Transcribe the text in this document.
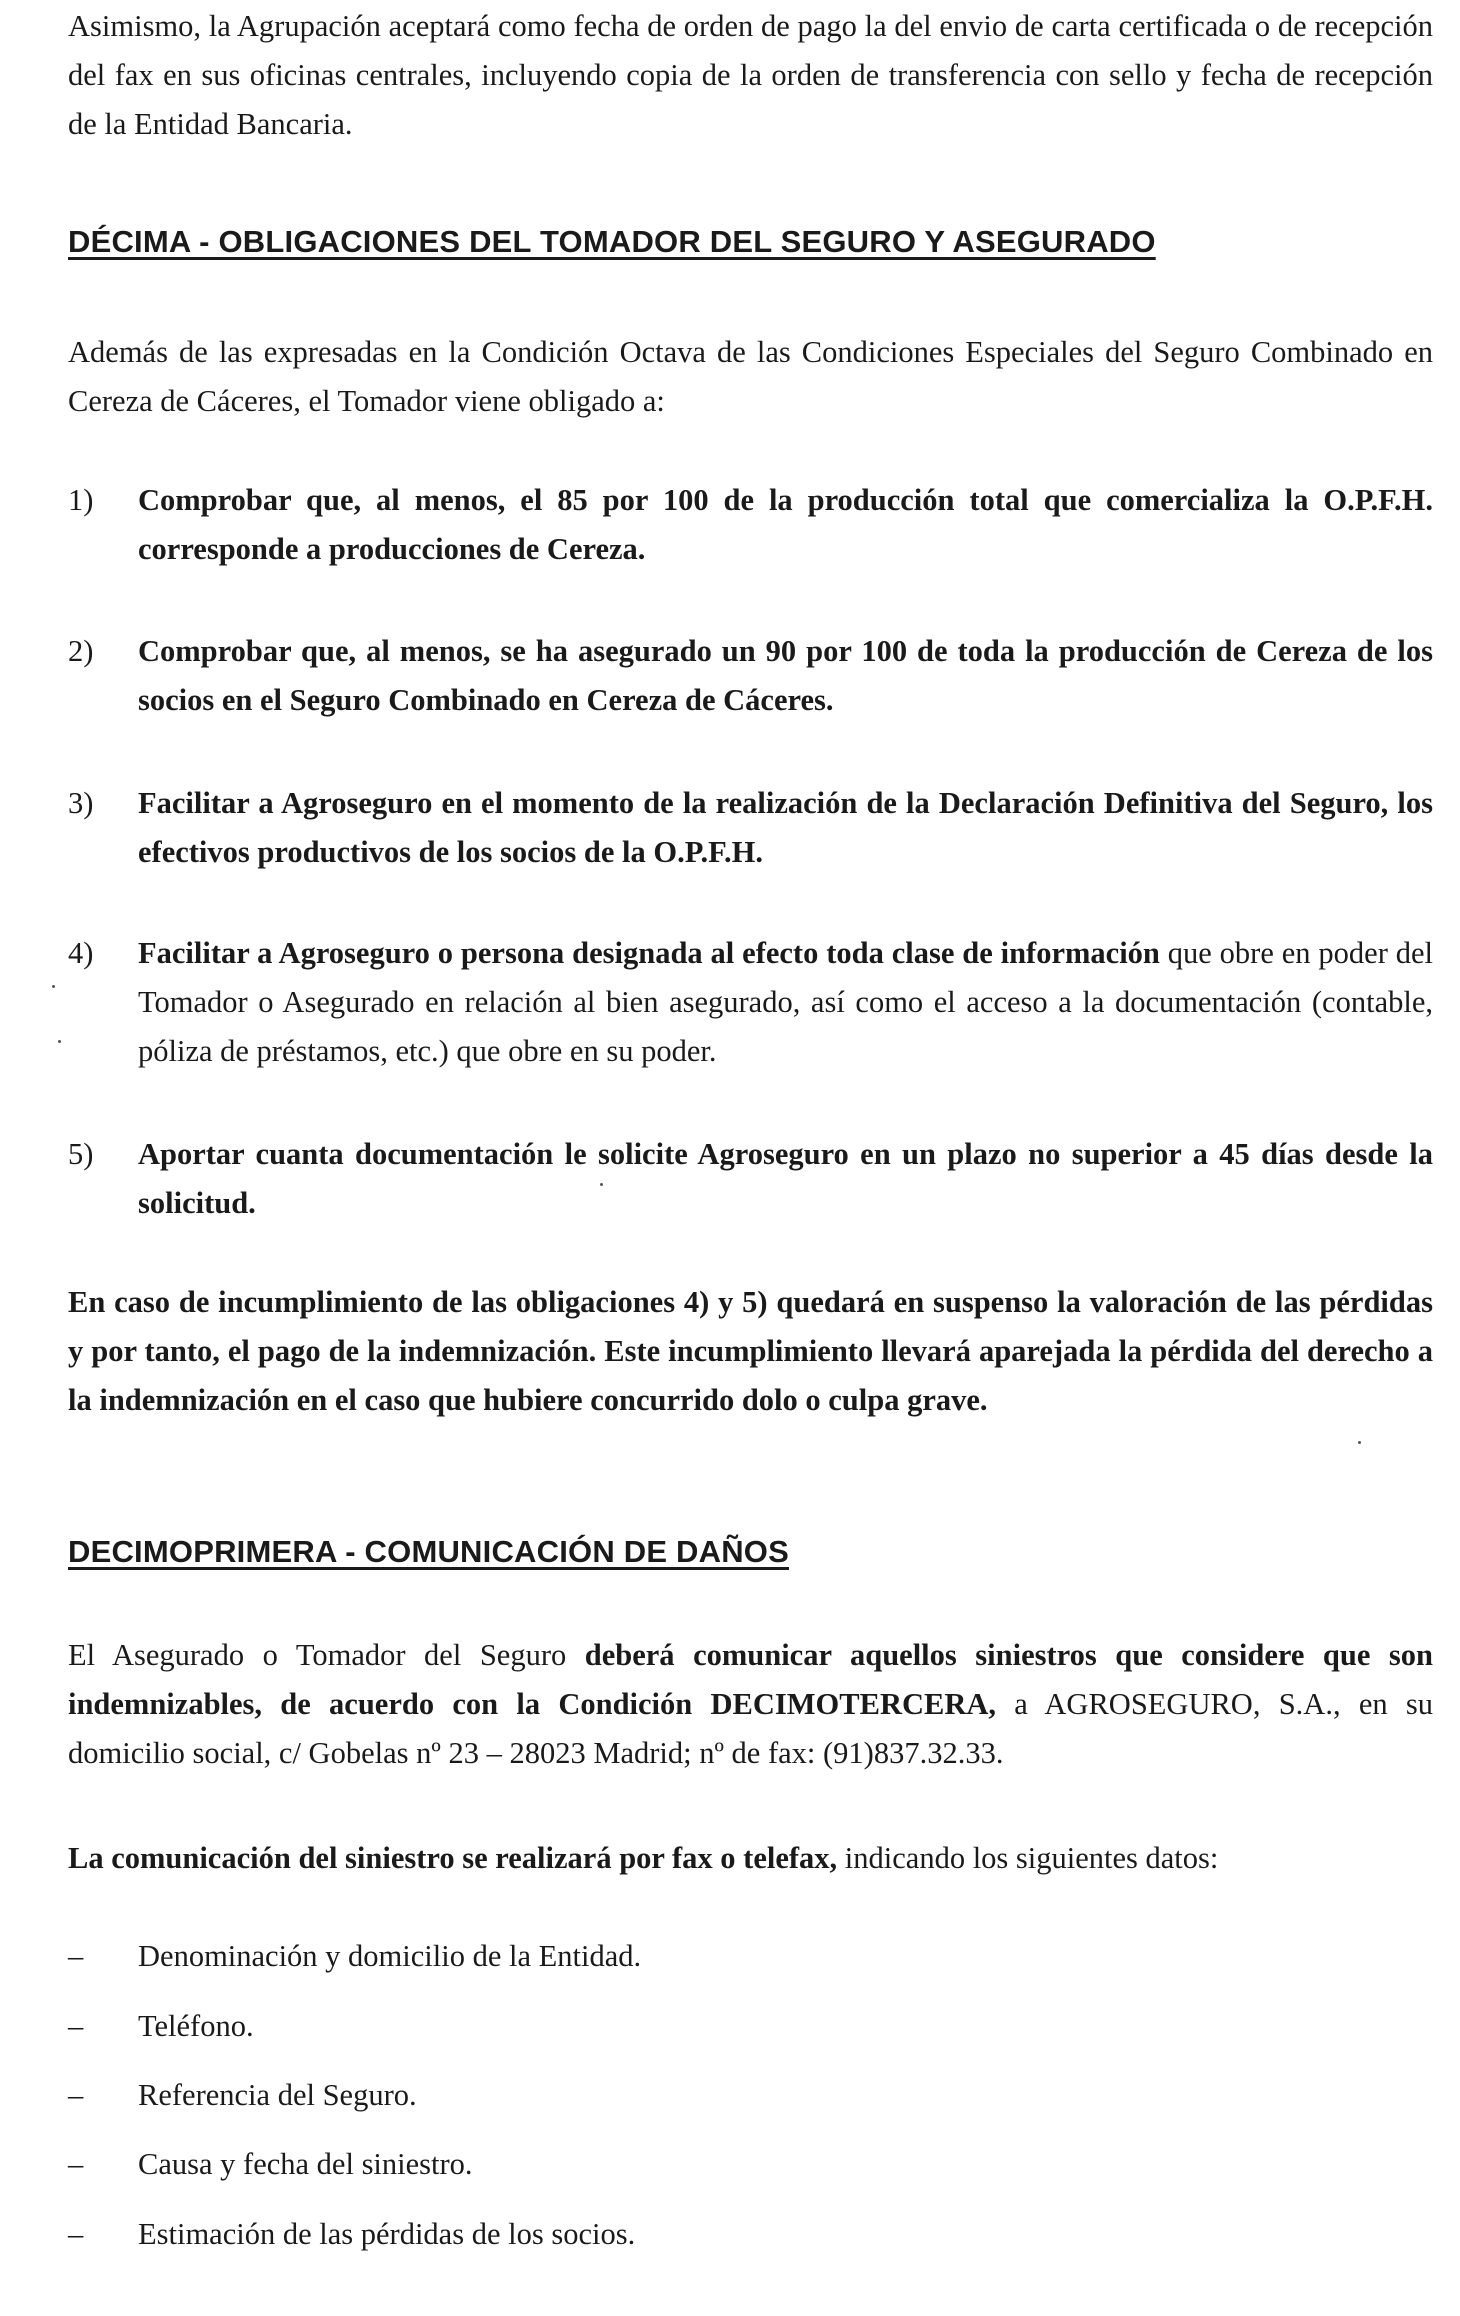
Asimismo, la Agrupación aceptará como fecha de orden de pago la del envio de carta certificada o de recepción del fax en sus oficinas centrales, incluyendo copia de la orden de transferencia con sello y fecha de recepción de la Entidad Bancaria.

DÉCIMA - OBLIGACIONES DEL TOMADOR DEL SEGURO Y ASEGURADO

Además de las expresadas en la Condición Octava de las Condiciones Especiales del Seguro Combinado en Cereza de Cáceres, el Tomador viene obligado a:

1) Comprobar que, al menos, el 85 por 100 de la producción total que comercializa la O.P.F.H. corresponde a producciones de Cereza.
2) Comprobar que, al menos, se ha asegurado un 90 por 100 de toda la producción de Cereza de los socios en el Seguro Combinado en Cereza de Cáceres.
3) Facilitar a Agroseguro en el momento de la realización de la Declaración Definitiva del Seguro, los efectivos productivos de los socios de la O.P.F.H.
4) Facilitar a Agroseguro o persona designada al efecto toda clase de información que obre en poder del Tomador o Asegurado en relación al bien asegurado, así como el acceso a la documentación (contable, póliza de préstamos, etc.) que obre en su poder.
5) Aportar cuanta documentación le solicite Agroseguro en un plazo no superior a 45 días desde la solicitud.

En caso de incumplimiento de las obligaciones 4) y 5) quedará en suspenso la valoración de las pérdidas y por tanto, el pago de la indemnización. Este incumplimiento llevará aparejada la pérdida del derecho a la indemnización en el caso que hubiere concurrido dolo o culpa grave.

DECIMOPRIMERA - COMUNICACIÓN DE DAÑOS

El Asegurado o Tomador del Seguro deberá comunicar aquellos siniestros que considere que son indemnizables, de acuerdo con la Condición DECIMOTERCERA, a AGROSEGURO, S.A., en su domicilio social, c/ Gobelas nº 23 – 28023 Madrid; nº de fax: (91)837.32.33.

La comunicación del siniestro se realizará por fax o telefax, indicando los siguientes datos:

– Denominación y domicilio de la Entidad.
– Teléfono.
– Referencia del Seguro.
– Causa y fecha del siniestro.
– Estimación de las pérdidas de los socios.
